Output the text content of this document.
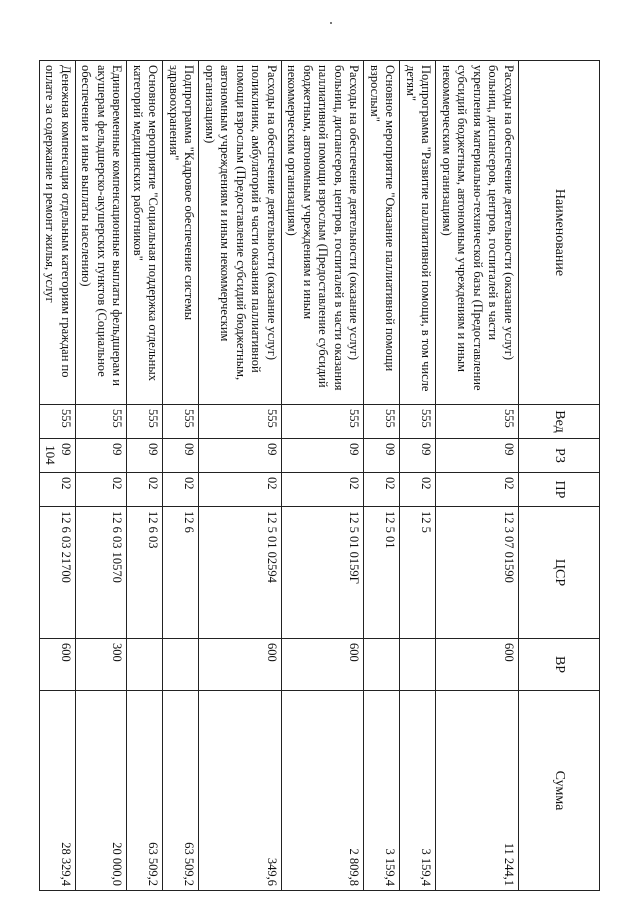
104
Наименование	Вед	РЗ	ПР	ЦСР	ВР	Сумма
Расходы на обеспечение деятельности (оказание услуг) больниц, диспансеров, центров, госпиталей в части укрепления материально-технической базы (Предоставление субсидий бюджетным, автономным учреждениям и иным некоммерческим организациям)	555	09	02	12 3 07 01590	600	11 244,1
Подпрограмма "Развитие паллиативной помощи, в том числе детям"	555	09	02	12 5		3 159,4
Основное мероприятие "Оказание паллиативной помощи взрослым"	555	09	02	12 5 01		3 159,4
Расходы на обеспечение деятельности (оказание услуг) больниц, диспансеров, центров, госпиталей в части оказания паллиативной помощи взрослым (Предоставление субсидий бюджетным, автономным учреждениям и иным некоммерческим организациям)	555	09	02	12 5 01 0159Г	600	2 809,8
Расходы на обеспечение деятельности (оказание услуг) поликлиник, амбулаторий в части оказания паллиативной помощи взрослым (Предоставление субсидий бюджетным, автономным учреждениям и иным некоммерческим организациям)	555	09	02	12 5 01 02594	600	349,6
Подпрограмма "Кадровое обеспечение системы здравоохранения"	555	09	02	12 6		63 509,2
Основное мероприятие "Социальная поддержка отдельных категорий медицинских работников"	555	09	02	12 6 03		63 509,2
Единовременные компенсационные выплаты фельдшерам и акушерам фельдшерско-акушерских пунктов (Социальное обеспечение и иные выплаты населению)	555	09	02	12 6 03 10570	300	20 000,0
Денежная компенсация отдельным категориям граждан по оплате за содержание и ремонт жилья, услуг	555	09	02	12 6 03 21700	600	28 329,4
